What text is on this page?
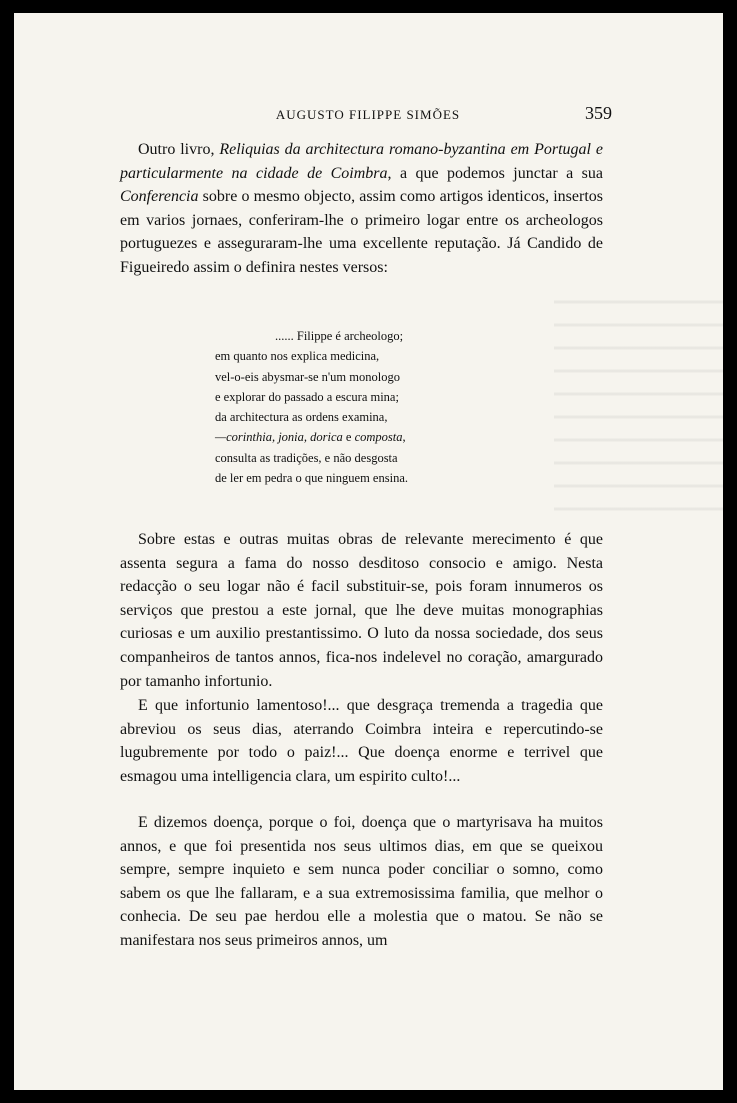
AUGUSTO FILIPPE SIMÕES	359

Outro livro, Reliquias da architectura romano-byzantina em Portugal e particularmente na cidade de Coimbra, a que podemos junctar a sua Conferencia sobre o mesmo objecto, assim como artigos identicos, insertos em varios jornaes, conferiram-lhe o primeiro logar entre os archeologos portuguezes e asseguraram-lhe uma excellente reputação. Já Candido de Figueiredo assim o definira nestes versos:

...... Filippe é archeologo;
em quanto nos explica medicina,
vel-o-eis abysmar-se n'um monologo
e explorar do passado a escura mina;
da architectura as ordens examina,
—corinthia, jonia, dorica e composta,
consulta as tradições, e não desgosta
de ler em pedra o que ninguem ensina.

Sobre estas e outras muitas obras de relevante merecimento é que assenta segura a fama do nosso desditoso consocio e amigo. Nesta redacção o seu logar não é facil substituir-se, pois foram innumeros os serviços que prestou a este jornal, que lhe deve muitas monographias curiosas e um auxilio prestantissimo. O luto da nossa sociedade, dos seus companheiros de tantos annos, fica-nos indelevel no coração, amargurado por tamanho infortunio.

E que infortunio lamentoso!... que desgraça tremenda a tragedia que abreviou os seus dias, aterrando Coimbra inteira e repercutindo-se lugubremente por todo o paiz!... Que doença enorme e terrivel que esmagou uma intelligencia clara, um espirito culto!...

E dizemos doença, porque o foi, doença que o martyrisava ha muitos annos, e que foi presentida nos seus ultimos dias, em que se queixou sempre, sempre inquieto e sem nunca poder conciliar o somno, como sabem os que lhe fallaram, e a sua extremosissima familia, que melhor o conhecia. De seu pae herdou elle a molestia que o matou. Se não se manifestara nos seus primeiros annos, um
